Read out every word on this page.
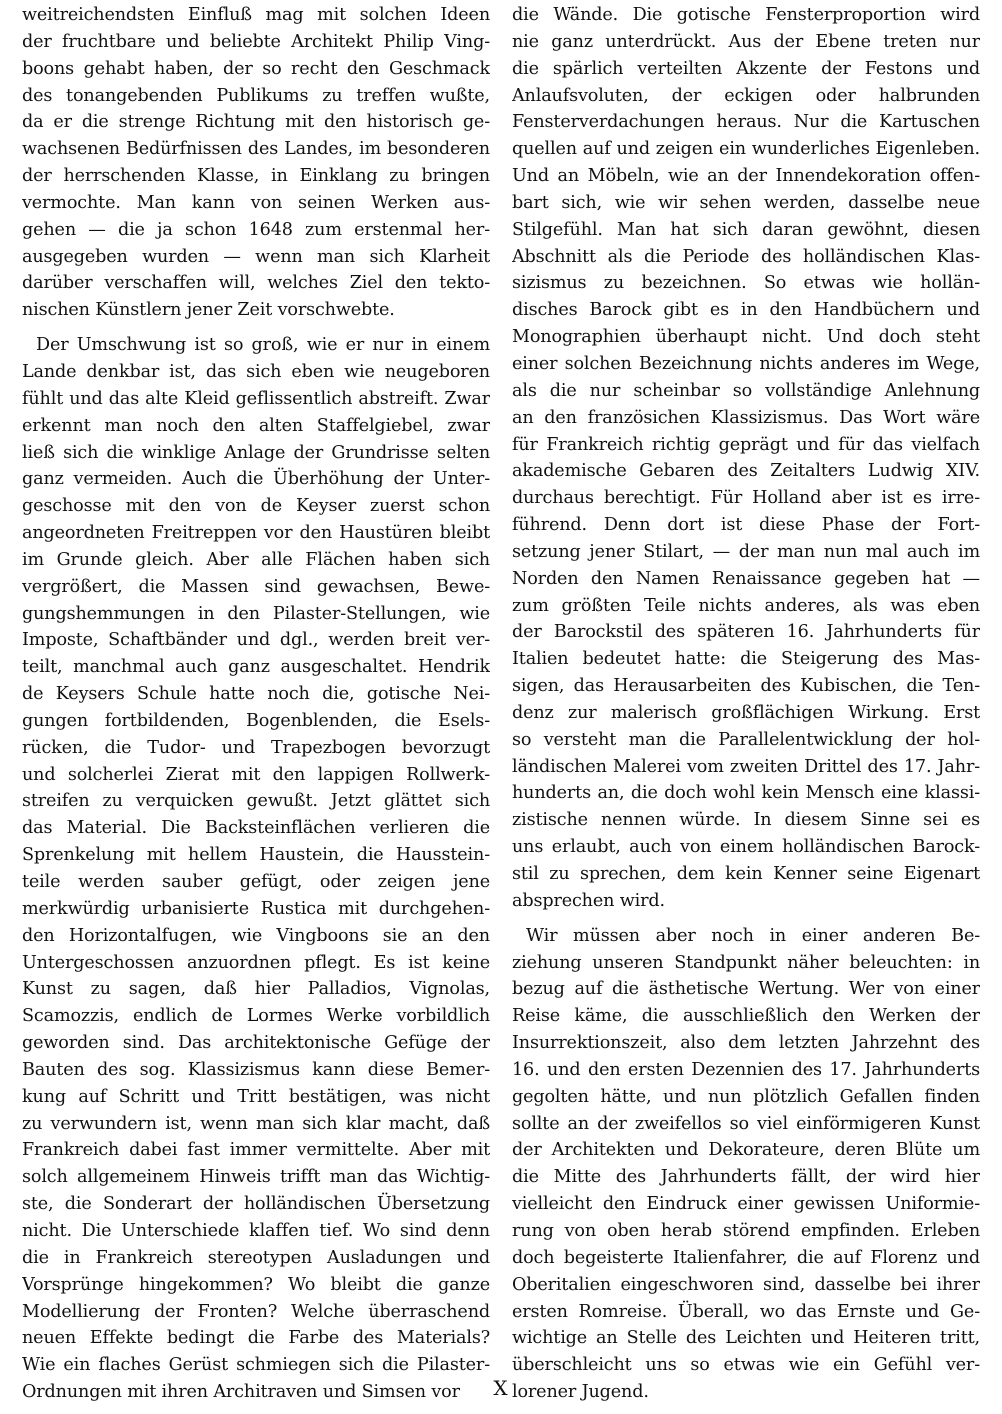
weitreichendsten Einfluß mag mit solchen Ideen
der fruchtbare und beliebte Architekt Philip Ving-
boons gehabt haben, der so recht den Geschmack
des tonangebenden Publikums zu treffen wußte,
da er die strenge Richtung mit den historisch ge-
wachsenen Bedürfnissen des Landes, im besonderen
der herrschenden Klasse, in Einklang zu bringen
vermochte. Man kann von seinen Werken aus-
gehen — die ja schon 1648 zum erstenmal her-
ausgegeben wurden — wenn man sich Klarheit
darüber verschaffen will, welches Ziel den tekto-
nischen Künstlern jener Zeit vorschwebte.
Der Umschwung ist so groß, wie er nur in einem
Lande denkbar ist, das sich eben wie neugeboren
fühlt und das alte Kleid geflissentlich abstreift. Zwar
erkennt man noch den alten Staffelgiebel, zwar
ließ sich die winklige Anlage der Grundrisse selten
ganz vermeiden. Auch die Überhöhung der Unter-
geschosse mit den von de Keyser zuerst schon
angeordneten Freitreppen vor den Haustüren bleibt
im Grunde gleich. Aber alle Flächen haben sich
vergrößert, die Massen sind gewachsen, Bewe-
gungshemmungen in den Pilaster-Stellungen, wie
Imposte, Schaftbänder und dgl., werden breit ver-
teilt, manchmal auch ganz ausgeschaltet. Hendrik
de Keysers Schule hatte noch die, gotische Nei-
gungen fortbildenden, Bogenblenden, die Esels-
rücken, die Tudor- und Trapezbogen bevorzugt
und solcherlei Zierat mit den lappigen Rollwerk-
streifen zu verquicken gewußt. Jetzt glättet sich
das Material. Die Backsteinflächen verlieren die
Sprenkelung mit hellem Haustein, die Hausstein-
teile werden sauber gefügt, oder zeigen jene
merkwürdig urbanisierte Rustica mit durchgehen-
den Horizontalfugen, wie Vingboons sie an den
Untergeschossen anzuordnen pflegt. Es ist keine
Kunst zu sagen, daß hier Palladios, Vignolas,
Scamozzis, endlich de Lormes Werke vorbildlich
geworden sind. Das architektonische Gefüge der
Bauten des sog. Klassizismus kann diese Bemer-
kung auf Schritt und Tritt bestätigen, was nicht
zu verwundern ist, wenn man sich klar macht, daß
Frankreich dabei fast immer vermittelte. Aber mit
solch allgemeinem Hinweis trifft man das Wichtig-
ste, die Sonderart der holländischen Übersetzung
nicht. Die Unterschiede klaffen tief. Wo sind denn
die in Frankreich stereotypen Ausladungen und
Vorsprünge hingekommen? Wo bleibt die ganze
Modellierung der Fronten? Welche überraschend
neuen Effekte bedingt die Farbe des Materials?
Wie ein flaches Gerüst schmiegen sich die Pilaster-
Ordnungen mit ihren Architraven und Simsen vor
die Wände. Die gotische Fensterproportion wird
nie ganz unterdrückt. Aus der Ebene treten nur
die spärlich verteilten Akzente der Festons und
Anlaufsvoluten, der eckigen oder halbrunden
Fensterverdachungen heraus. Nur die Kartuschen
quellen auf und zeigen ein wunderliches Eigenleben.
Und an Möbeln, wie an der Innendekoration offen-
bart sich, wie wir sehen werden, dasselbe neue
Stilgefühl. Man hat sich daran gewöhnt, diesen
Abschnitt als die Periode des holländischen Klas-
sizismus zu bezeichnen. So etwas wie hollän-
disches Barock gibt es in den Handbüchern und
Monographien überhaupt nicht. Und doch steht
einer solchen Bezeichnung nichts anderes im Wege,
als die nur scheinbar so vollständige Anlehnung
an den französichen Klassizismus. Das Wort wäre
für Frankreich richtig geprägt und für das vielfach
akademische Gebaren des Zeitalters Ludwig XIV.
durchaus berechtigt. Für Holland aber ist es irre-
führend. Denn dort ist diese Phase der Fort-
setzung jener Stilart, — der man nun mal auch im
Norden den Namen Renaissance gegeben hat —
zum größten Teile nichts anderes, als was eben
der Barockstil des späteren 16. Jahrhunderts für
Italien bedeutet hatte: die Steigerung des Mas-
sigen, das Herausarbeiten des Kubischen, die Ten-
denz zur malerisch großflächigen Wirkung. Erst
so versteht man die Parallelentwicklung der hol-
ländischen Malerei vom zweiten Drittel des 17. Jahr-
hunderts an, die doch wohl kein Mensch eine klassi-
zistische nennen würde. In diesem Sinne sei es
uns erlaubt, auch von einem holländischen Barock-
stil zu sprechen, dem kein Kenner seine Eigenart
absprechen wird.
Wir müssen aber noch in einer anderen Be-
ziehung unseren Standpunkt näher beleuchten: in
bezug auf die ästhetische Wertung. Wer von einer
Reise käme, die ausschließlich den Werken der
Insurrektionszeit, also dem letzten Jahrzehnt des
16. und den ersten Dezennien des 17. Jahrhunderts
gegolten hätte, und nun plötzlich Gefallen finden
sollte an der zweifellos so viel einförmigeren Kunst
der Architekten und Dekorateure, deren Blüte um
die Mitte des Jahrhunderts fällt, der wird hier
vielleicht den Eindruck einer gewissen Uniformie-
rung von oben herab störend empfinden. Erleben
doch begeisterte Italienfahrer, die auf Florenz und
Oberitalien eingeschworen sind, dasselbe bei ihrer
ersten Romreise. Überall, wo das Ernste und Ge-
wichtige an Stelle des Leichten und Heiteren tritt,
überschleicht uns so etwas wie ein Gefühl ver-
lorener Jugend.
X
